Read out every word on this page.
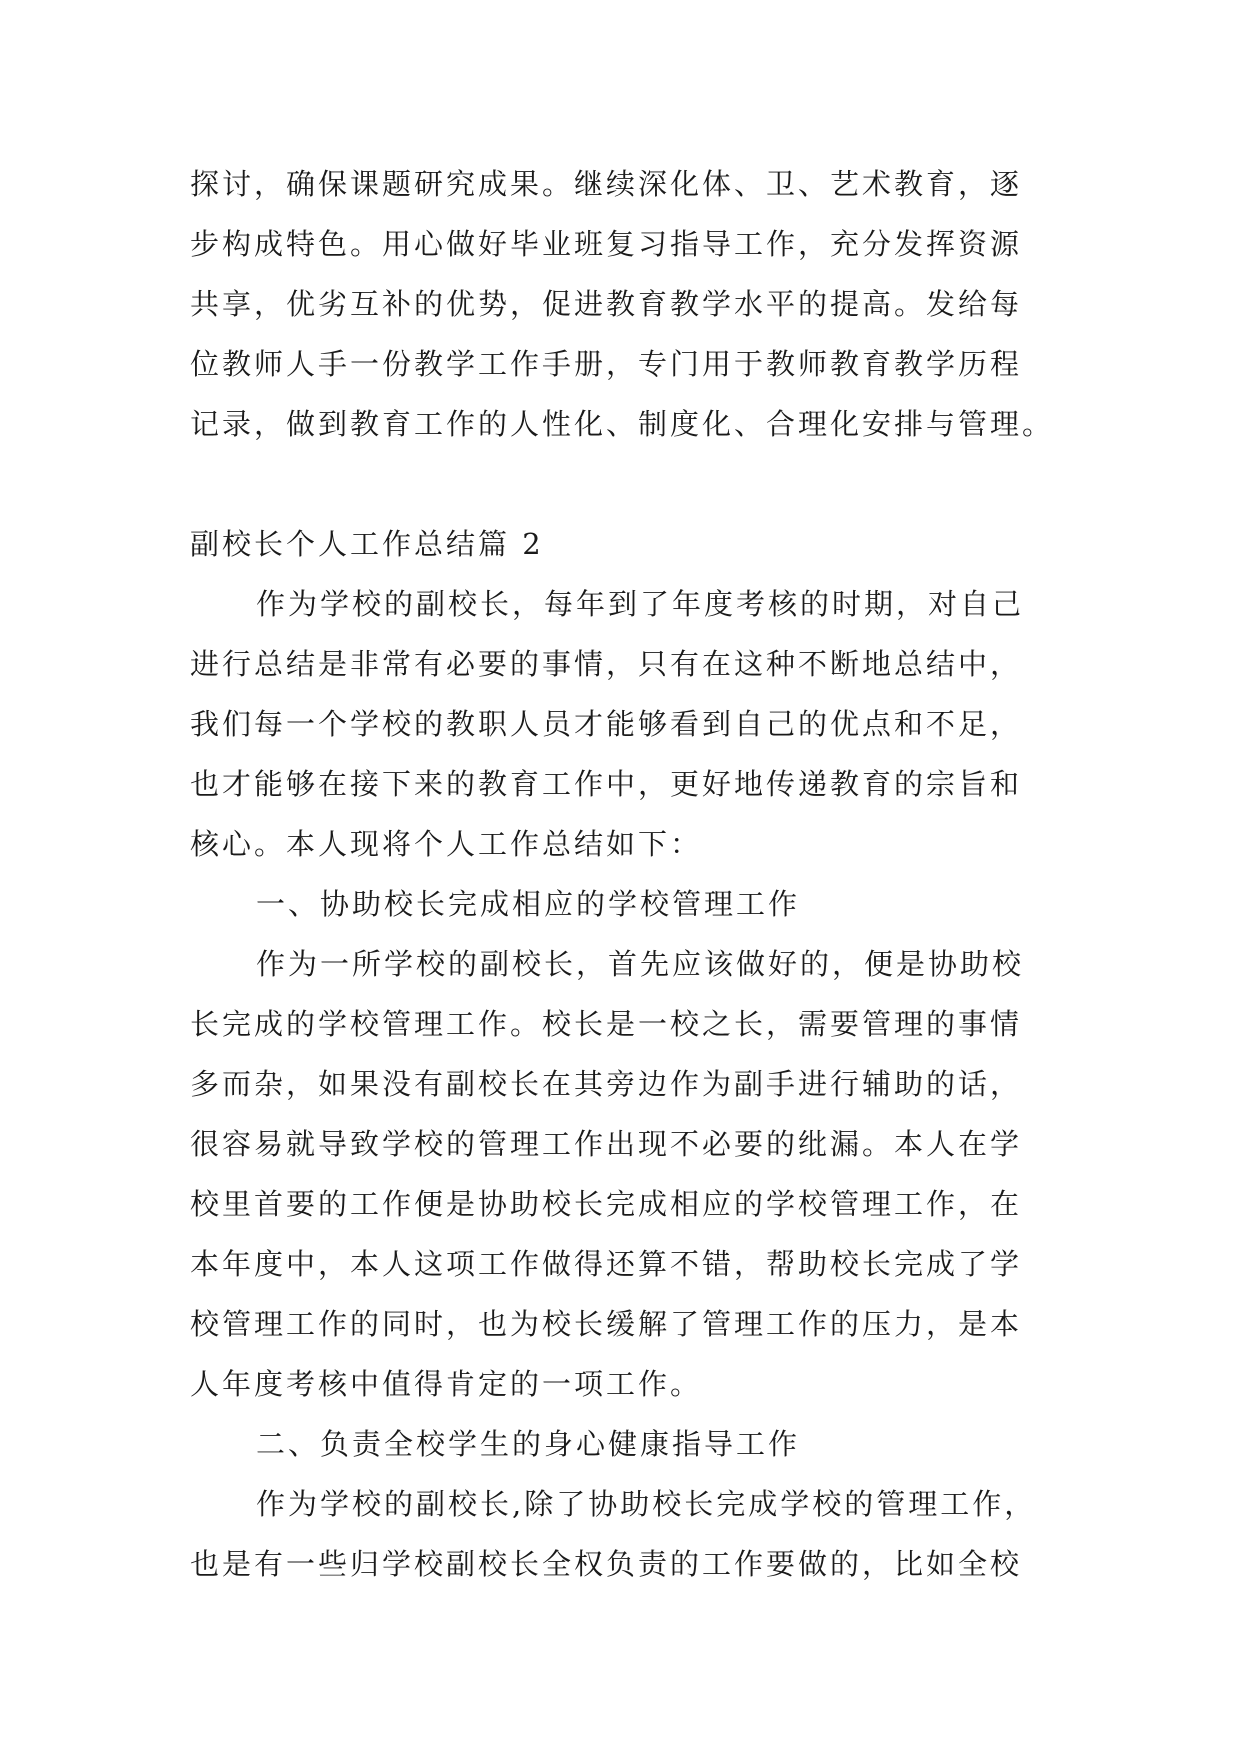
探讨，确保课题研究成果。继续深化体、卫、艺术教育，逐
步构成特色。用心做好毕业班复习指导工作，充分发挥资源
共享，优劣互补的优势，促进教育教学水平的提高。发给每
位教师人手一份教学工作手册，专门用于教师教育教学历程
记录，做到教育工作的人性化、制度化、合理化安排与管理。
副校长个人工作总结篇 2
作为学校的副校长，每年到了年度考核的时期，对自己
进行总结是非常有必要的事情，只有在这种不断地总结中，
我们每一个学校的教职人员才能够看到自己的优点和不足，
也才能够在接下来的教育工作中，更好地传递教育的宗旨和
核心。本人现将个人工作总结如下：
一、协助校长完成相应的学校管理工作
作为一所学校的副校长，首先应该做好的，便是协助校
长完成的学校管理工作。校长是一校之长，需要管理的事情
多而杂，如果没有副校长在其旁边作为副手进行辅助的话，
很容易就导致学校的管理工作出现不必要的纰漏。本人在学
校里首要的工作便是协助校长完成相应的学校管理工作，在
本年度中，本人这项工作做得还算不错，帮助校长完成了学
校管理工作的同时，也为校长缓解了管理工作的压力，是本
人年度考核中值得肯定的一项工作。
二、负责全校学生的身心健康指导工作
作为学校的副校长,除了协助校长完成学校的管理工作，
也是有一些归学校副校长全权负责的工作要做的，比如全校
